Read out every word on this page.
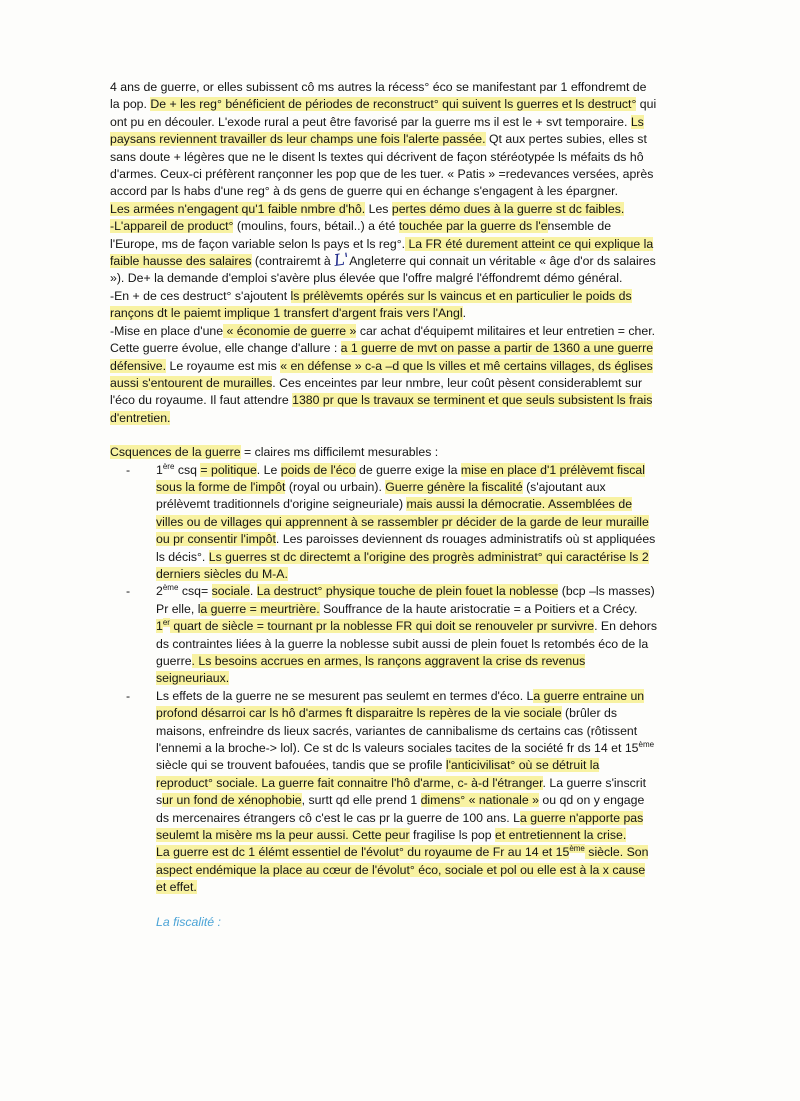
4 ans de guerre, or elles subissent cô ms autres la récess° éco se manifestant par 1 effondremt de la pop. De + les reg° bénéficient de périodes de reconstruct° qui suivent ls guerres et ls destruct° qui ont pu en découler. L'exode rural a peut être favorisé par la guerre ms il est le + svt temporaire. Ls paysans reviennent travailler ds leur champs une fois l'alerte passée. Qt aux pertes subies, elles st sans doute + légères que ne le disent ls textes qui décrivent de façon stéréotypée ls méfaits ds hô d'armes. Ceux-ci préfèrent rançonner les pop que de les tuer. « Patis » =redevances versées, après accord par ls habs d'une reg° à ds gens de guerre qui en échange s'engagent à les épargner.

Les armées n'engagent qu'1 faible nmbre d'hô. Les pertes démo dues à la guerre st dc faibles.

-L'appareil de product° (moulins, fours, bétail..) a été touchée par la guerre ds l'ensemble de l'Europe, ms de façon variable selon ls pays et ls reg°. La FR été durement atteint ce qui explique la faible hausse des salaires (contrairemt à L'Angleterre qui connait un véritable « âge d'or ds salaires »). De+ la demande d'emploi s'avère plus élevée que l'offre malgré l'éffondremt démo général.

-En + de ces destruct° s'ajoutent ls prélèvemts opérés sur ls vaincus et en particulier le poids ds rançons dt le paiemt implique 1 transfert d'argent frais vers l'Angl.

-Mise en place d'une « économie de guerre » car achat d'équipemt militaires et leur entretien = cher. Cette guerre évolue, elle change d'allure : a 1 guerre de mvt on passe a partir de 1360 a une guerre défensive. Le royaume est mis « en défense » c-a –d que ls villes et mê certains villages, ds églises aussi s'entourent de murailles. Ces enceintes par leur nmbre, leur coût pèsent considerablemt sur l'éco du royaume. Il faut attendre 1380 pr que ls travaux se terminent et que seuls subsistent ls frais d'entretien.

Csquences de la guerre = claires ms difficilemt mesurables :

- 1ère csq = politique. Le poids de l'éco de guerre exige la mise en place d'1 prélèvemt fiscal sous la forme de l'impôt (royal ou urbain). Guerre génère la fiscalité (s'ajoutant aux prélèvemt traditionnels d'origine seigneuriale) mais aussi la démocratie. Assemblées de villes ou de villages qui apprennent à se rassembler pr décider de la garde de leur muraille ou pr consentir l'impôt. Les paroisses deviennent ds rouages administratifs où st appliquées ls décis°. Ls guerres st dc directemt a l'origine des progrès administrat° qui caractérise ls 2 derniers siècles du M-A.
- 2ème csq= sociale. La destruct° physique touche de plein fouet la noblesse (bcp –ls masses)
Pr elle, la guerre = meurtrière. Souffrance de la haute aristocratie = a Poitiers et a Crécy.
1er quart de siècle = tournant pr la noblesse FR qui doit se renouveler pr survivre. En dehors ds contraintes liées à la guerre la noblesse subit aussi de plein fouet ls retombés éco de la guerre. Ls besoins accrues en armes, ls rançons aggravent la crise ds revenus seigneuriaux.
- Ls effets de la guerre ne se mesurent pas seulemt en termes d'éco. La guerre entraine un profond désarroi car ls hô d'armes ft disparaitre ls repères de la vie sociale (brûler ds maisons, enfreindre ds lieux sacrés, variantes de cannibalisme ds certains cas (rôtissent l'ennemi a la broche-> lol). Ce st dc ls valeurs sociales tacites de la société fr ds 14 et 15ème siècle qui se trouvent bafouées, tandis que se profile l'anticivilisat° où se détruit la reproduct° sociale. La guerre fait connaitre l'hô d'arme, c- à-d l'étranger. La guerre s'inscrit sur un fond de xénophobie, surtt qd elle prend 1 dimens° « nationale » ou qd on y engage ds mercenaires étrangers cô c'est le cas pr la guerre de 100 ans. La guerre n'apporte pas seulemt la misère ms la peur aussi. Cette peur fragilise ls pop et entretiennent la crise.
La guerre est dc 1 élémt essentiel de l'évolut° du royaume de Fr au 14 et 15ème siècle. Son aspect endémique la place au cœur de l'évolut° éco, sociale et pol ou elle est à la x cause et effet.
La fiscalité :
